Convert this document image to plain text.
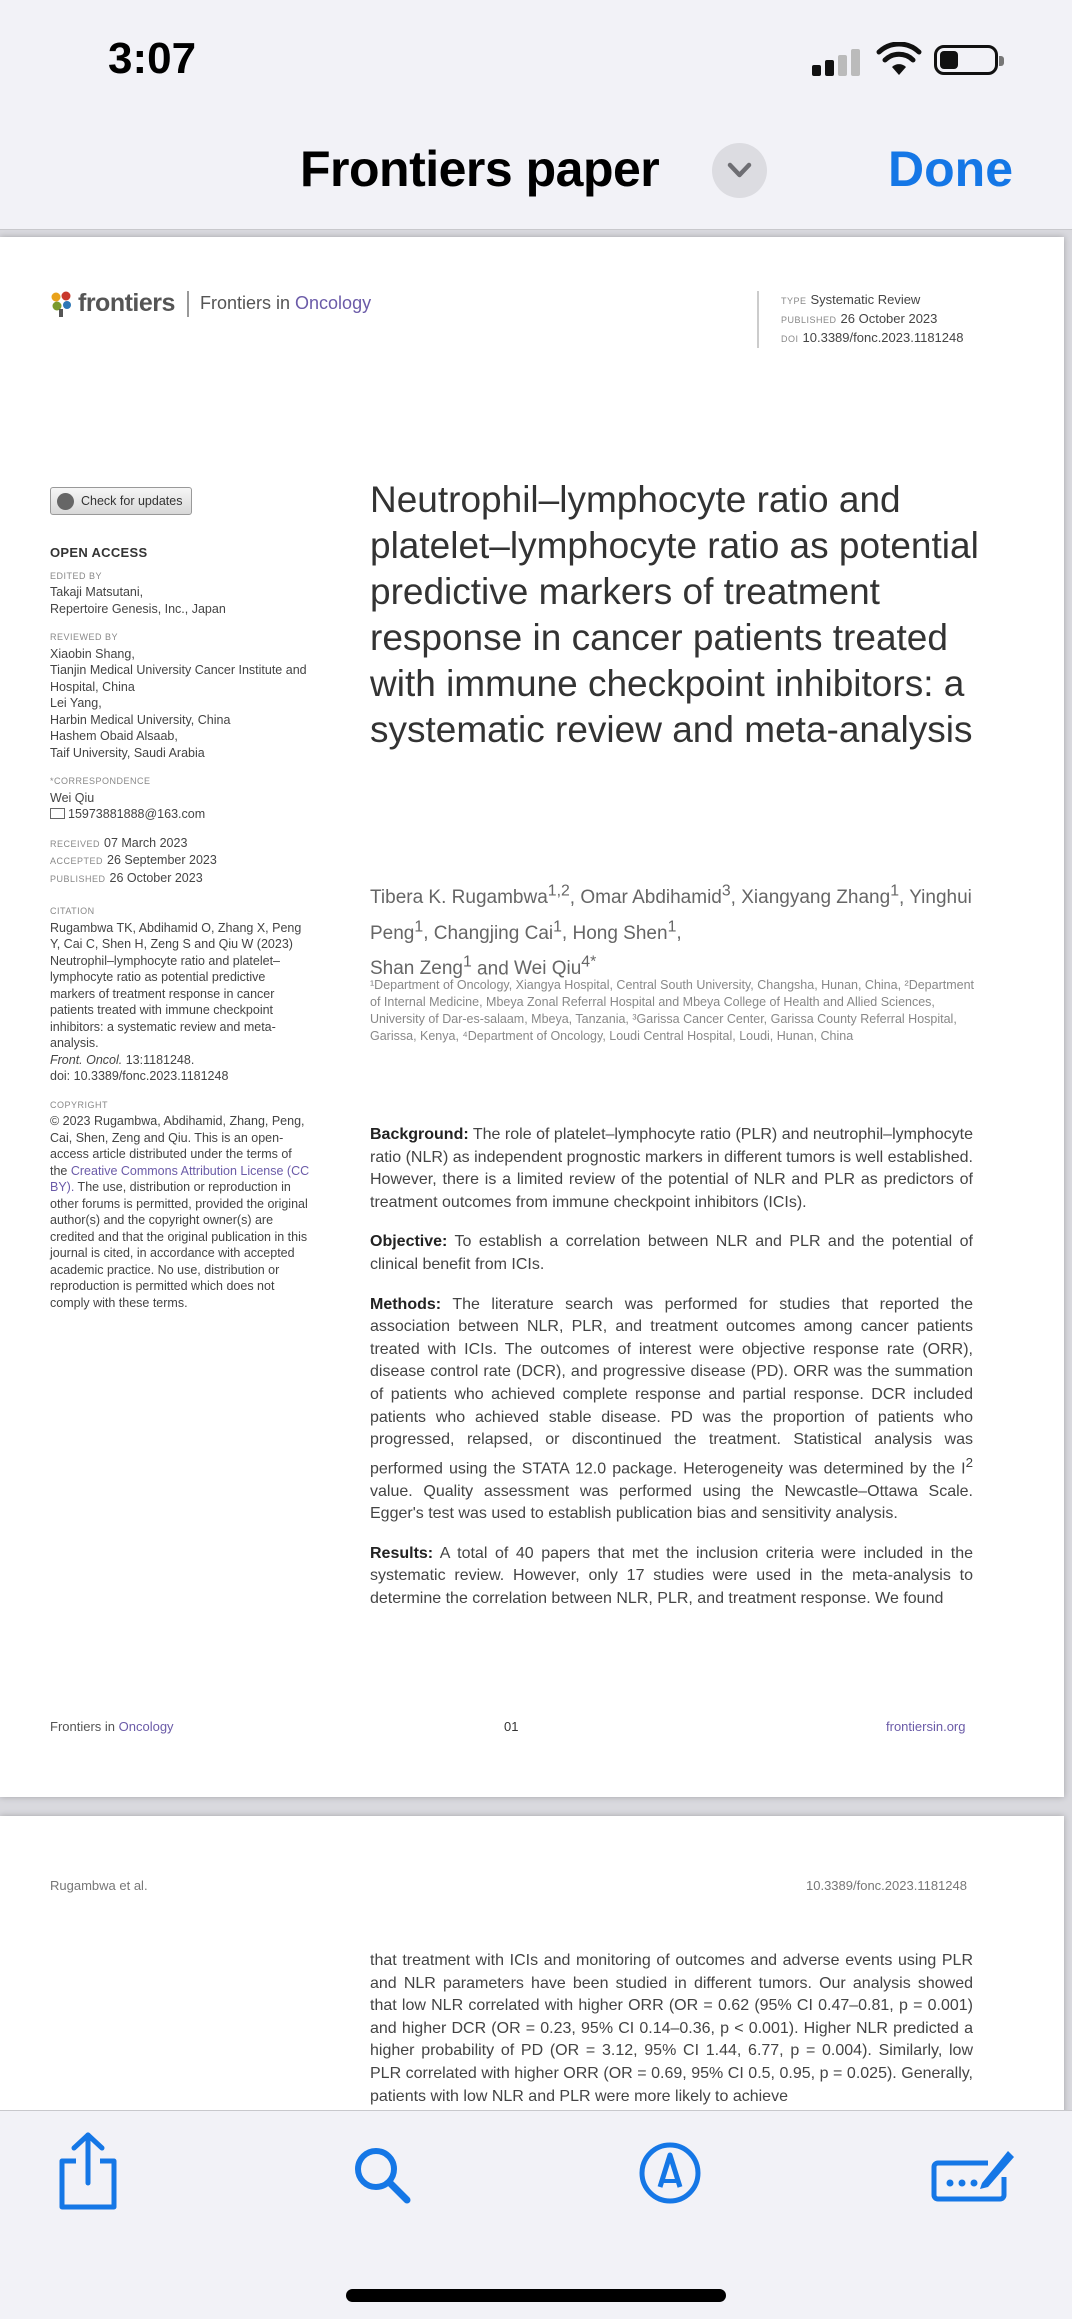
3:07
Frontiers paper	Done
frontiers Frontiers in Oncology	TYPE Systematic Review
PUBLISHED 26 October 2023
DOI 10.3389/fonc.2023.1181248
Check for updates
OPEN ACCESS
EDITED BY
Takaji Matsutani,
Repertoire Genesis, Inc., Japan
REVIEWED BY
Xiaobin Shang,
Tianjin Medical University Cancer Institute and Hospital, China
Lei Yang,
Harbin Medical University, China
Hashem Obaid Alsaab,
Taif University, Saudi Arabia
*CORRESPONDENCE
Wei Qiu
15973881888@163.com
RECEIVED 07 March 2023
ACCEPTED 26 September 2023
PUBLISHED 26 October 2023
CITATION
Rugambwa TK, Abdihamid O, Zhang X, Peng Y, Cai C, Shen H, Zeng S and Qiu W (2023) Neutrophil–lymphocyte ratio and platelet–lymphocyte ratio as potential predictive markers of treatment response in cancer patients treated with immune checkpoint inhibitors: a systematic review and meta-analysis.
Front. Oncol. 13:1181248.
doi: 10.3389/fonc.2023.1181248
COPYRIGHT
© 2023 Rugambwa, Abdihamid, Zhang, Peng, Cai, Shen, Zeng and Qiu. This is an open-access article distributed under the terms of the Creative Commons Attribution License (CC BY). The use, distribution or reproduction in other forums is permitted, provided the original author(s) and the copyright owner(s) are credited and that the original publication in this journal is cited, in accordance with accepted academic practice. No use, distribution or reproduction is permitted which does not comply with these terms.
Neutrophil–lymphocyte ratio and platelet–lymphocyte ratio as potential predictive markers of treatment response in cancer patients treated with immune checkpoint inhibitors: a systematic review and meta-analysis
Tibera K. Rugambwa$^{1,2}$, Omar Abdihamid$^3$, Xiangyang Zhang$^1$, Yinghui Peng$^1$, Changjing Cai$^1$, Hong Shen$^1$,
Shan Zeng$^1$ and Wei Qiu$^{4*}$
¹Department of Oncology, Xiangya Hospital, Central South University, Changsha, Hunan, China, ²Department of Internal Medicine, Mbeya Zonal Referral Hospital and Mbeya College of Health and Allied Sciences, University of Dar-es-salaam, Mbeya, Tanzania, ³Garissa Cancer Center, Garissa County Referral Hospital, Garissa, Kenya, ⁴Department of Oncology, Loudi Central Hospital, Loudi, Hunan, China

Background: The role of platelet–lymphocyte ratio (PLR) and neutrophil–lymphocyte ratio (NLR) as independent prognostic markers in different tumors is well established. However, there is a limited review of the potential of NLR and PLR as predictors of treatment outcomes from immune checkpoint inhibitors (ICIs).

Objective: To establish a correlation between NLR and PLR and the potential of clinical benefit from ICIs.

Methods: The literature search was performed for studies that reported the association between NLR, PLR, and treatment outcomes among cancer patients treated with ICIs. The outcomes of interest were objective response rate (ORR), disease control rate (DCR), and progressive disease (PD). ORR was the summation of patients who achieved complete response and partial response. DCR included patients who achieved stable disease. PD was the proportion of patients who progressed, relapsed, or discontinued the treatment. Statistical analysis was performed using the STATA 12.0 package. Heterogeneity was determined by the $I^2$ value. Quality assessment was performed using the Newcastle–Ottawa Scale. Egger's test was used to establish publication bias and sensitivity analysis.

Results: A total of 40 papers that met the inclusion criteria were included in the systematic review. However, only 17 studies were used in the meta-analysis to determine the correlation between NLR, PLR, and treatment response. We found

Frontiers in Oncology	01	frontiersin.org
Rugambwa et al.	10.3389/fonc.2023.1181248
that treatment with ICIs and monitoring of outcomes and adverse events using PLR and NLR parameters have been studied in different tumors. Our analysis showed that low NLR correlated with higher ORR (OR = 0.62 (95% CI 0.47–0.81, p = 0.001) and higher DCR (OR = 0.23, 95% CI 0.14–0.36, p < 0.001). Higher NLR predicted a higher probability of PD (OR = 3.12, 95% CI 1.44, 6.77, p = 0.004). Similarly, low PLR correlated with higher ORR (OR = 0.69, 95% CI 0.5, 0.95, p = 0.025). Generally, patients with low NLR and PLR were more likely to achieve
